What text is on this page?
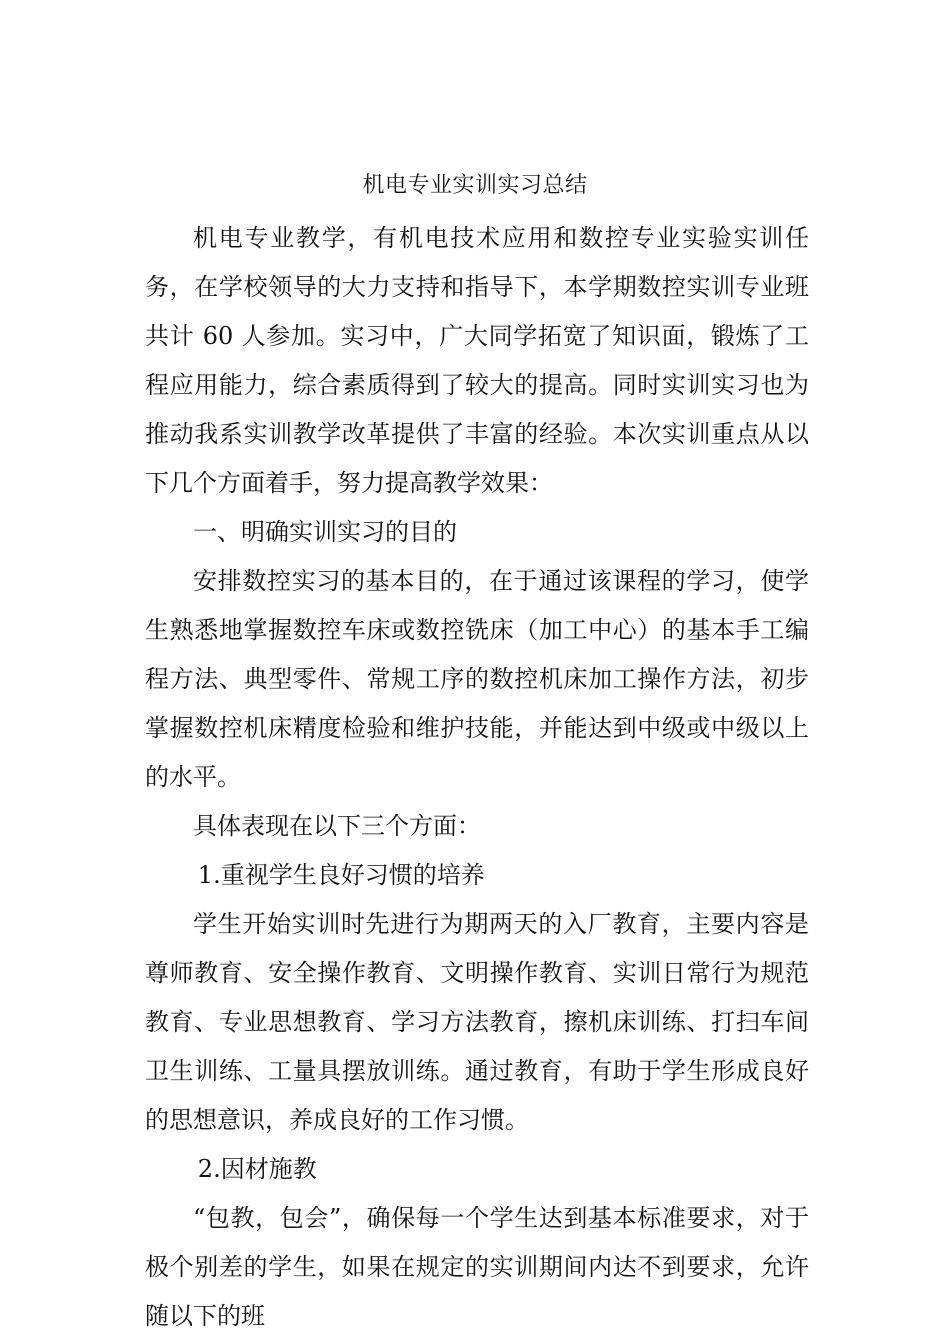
机电专业实训实习总结

机电专业教学，有机电技术应用和数控专业实验实训任务，在学校领导的大力支持和指导下，本学期数控实训专业班共计 60 人参加。实习中，广大同学拓宽了知识面，锻炼了工程应用能力，综合素质得到了较大的提高。同时实训实习也为推动我系实训教学改革提供了丰富的经验。本次实训重点从以下几个方面着手，努力提高教学效果：

一、明确实训实习的目的

安排数控实习的基本目的，在于通过该课程的学习，使学生熟悉地掌握数控车床或数控铣床（加工中心）的基本手工编程方法、典型零件、常规工序的数控机床加工操作方法，初步掌握数控机床精度检验和维护技能，并能达到中级或中级以上的水平。

具体表现在以下三个方面：

1.重视学生良好习惯的培养

学生开始实训时先进行为期两天的入厂教育，主要内容是尊师教育、安全操作教育、文明操作教育、实训日常行为规范教育、专业思想教育、学习方法教育，擦机床训练、打扫车间卫生训练、工量具摆放训练。通过教育，有助于学生形成良好的思想意识，养成良好的工作习惯。

2.因材施教

“包教，包会”，确保每一个学生达到基本标准要求，对于极个别差的学生，如果在规定的实训期间内达不到要求，允许随以下的班
